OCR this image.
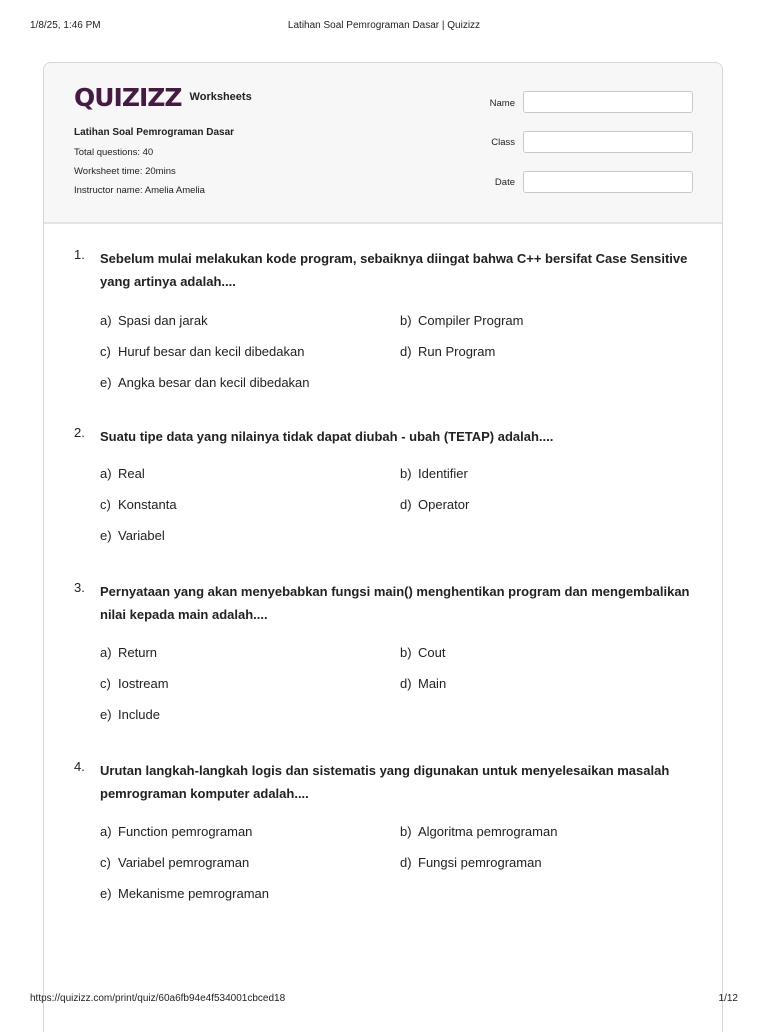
1/8/25, 1:46 PM	Latihan Soal Pemrograman Dasar | Quizizz
QUIZIZZ Worksheets
Latihan Soal Pemrograman Dasar
Total questions: 40
Worksheet time: 20mins
Instructor name: Amelia Amelia
Name
Class
Date
1. Sebelum mulai melakukan kode program, sebaiknya diingat bahwa C++ bersifat Case Sensitive yang artinya adalah....
a) Spasi dan jarak	b) Compiler Program
c) Huruf besar dan kecil dibedakan	d) Run Program
e) Angka besar dan kecil dibedakan
2. Suatu tipe data yang nilainya tidak dapat diubah - ubah (TETAP) adalah....
a) Real	b) Identifier
c) Konstanta	d) Operator
e) Variabel
3. Pernyataan yang akan menyebabkan fungsi main() menghentikan program dan mengembalikan nilai kepada main adalah....
a) Return	b) Cout
c) Iostream	d) Main
e) Include
4. Urutan langkah-langkah logis dan sistematis yang digunakan untuk menyelesaikan masalah pemrograman komputer adalah....
a) Function pemrograman	b) Algoritma pemrograman
c) Variabel pemrograman	d) Fungsi pemrograman
e) Mekanisme pemrograman
https://quizizz.com/print/quiz/60a6fb94e4f534001cbced18	1/12
